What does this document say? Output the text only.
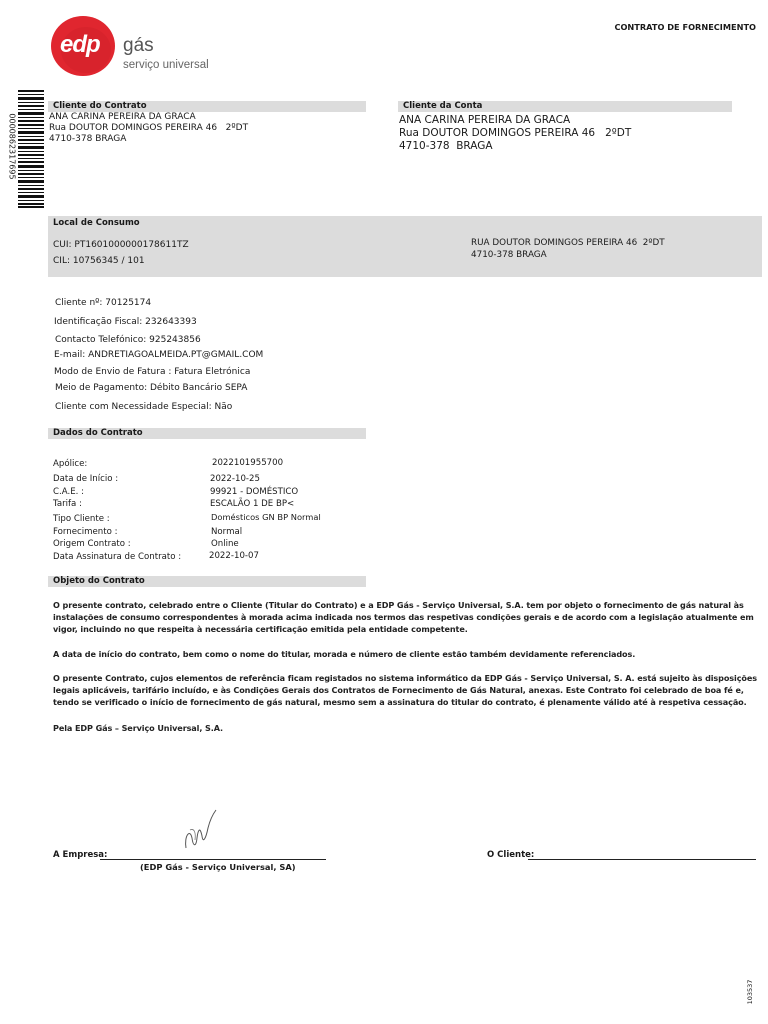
edp	gás
serviço universal
CONTRATO DE FORNECIMENTO
0000862317695
Cliente do Contrato
ANA CARINA PEREIRA DA GRACA
Rua DOUTOR DOMINGOS PEREIRA 46   2ºDT
4710-378 BRAGA
Cliente da Conta
ANA CARINA PEREIRA DA GRACA
Rua DOUTOR DOMINGOS PEREIRA 46   2ºDT
4710-378  BRAGA
Local de Consumo
CUI: PT1601000000178611TZ
CIL: 10756345 / 101
RUA DOUTOR DOMINGOS PEREIRA 46  2ºDT
4710-378 BRAGA
Cliente nº: 70125174
Identificação Fiscal: 232643393
Contacto Telefónico: 925243856
E-mail: ANDRETIAGOALMEIDA.PT@GMAIL.COM
Modo de Envio de Fatura : Fatura Eletrónica
Meio de Pagamento: Débito Bancário SEPA
Cliente com Necessidade Especial: Não
Dados do Contrato
Apólice:	2022101955700
Data de Início :	2022-10-25
C.A.E. :	99921 - DOMÉSTICO
Tarifa :	ESCALÃO 1 DE BP<
Tipo Cliente :	Domésticos GN BP Normal
Fornecimento :	Normal
Origem Contrato :	Online
Data Assinatura de Contrato :	2022-10-07
Objeto do Contrato
O presente contrato, celebrado entre o Cliente (Titular do Contrato) e a EDP Gás - Serviço Universal, S.A. tem por objeto o fornecimento de gás natural às instalações de consumo correspondentes à morada acima indicada nos termos das respetivas condições gerais e de acordo com a legislação atualmente em vigor, incluindo no que respeita à necessária certificação emitida pela entidade competente.
A data de início do contrato, bem como o nome do titular, morada e número de cliente estão também devidamente referenciados.
O presente Contrato, cujos elementos de referência ficam registados no sistema informático da EDP Gás - Serviço Universal, S. A. está sujeito às disposições legais aplicáveis, tarifário incluído, e às Condições Gerais dos Contratos de Fornecimento de Gás Natural, anexas. Este Contrato foi celebrado de boa fé e, tendo se verificado o início de fornecimento de gás natural, mesmo sem a assinatura do titular do contrato, é plenamente válido até à respetiva cessação.
Pela EDP Gás – Serviço Universal, S.A.
A Empresa:
(EDP Gás - Serviço Universal, SA)
O Cliente:
103537
